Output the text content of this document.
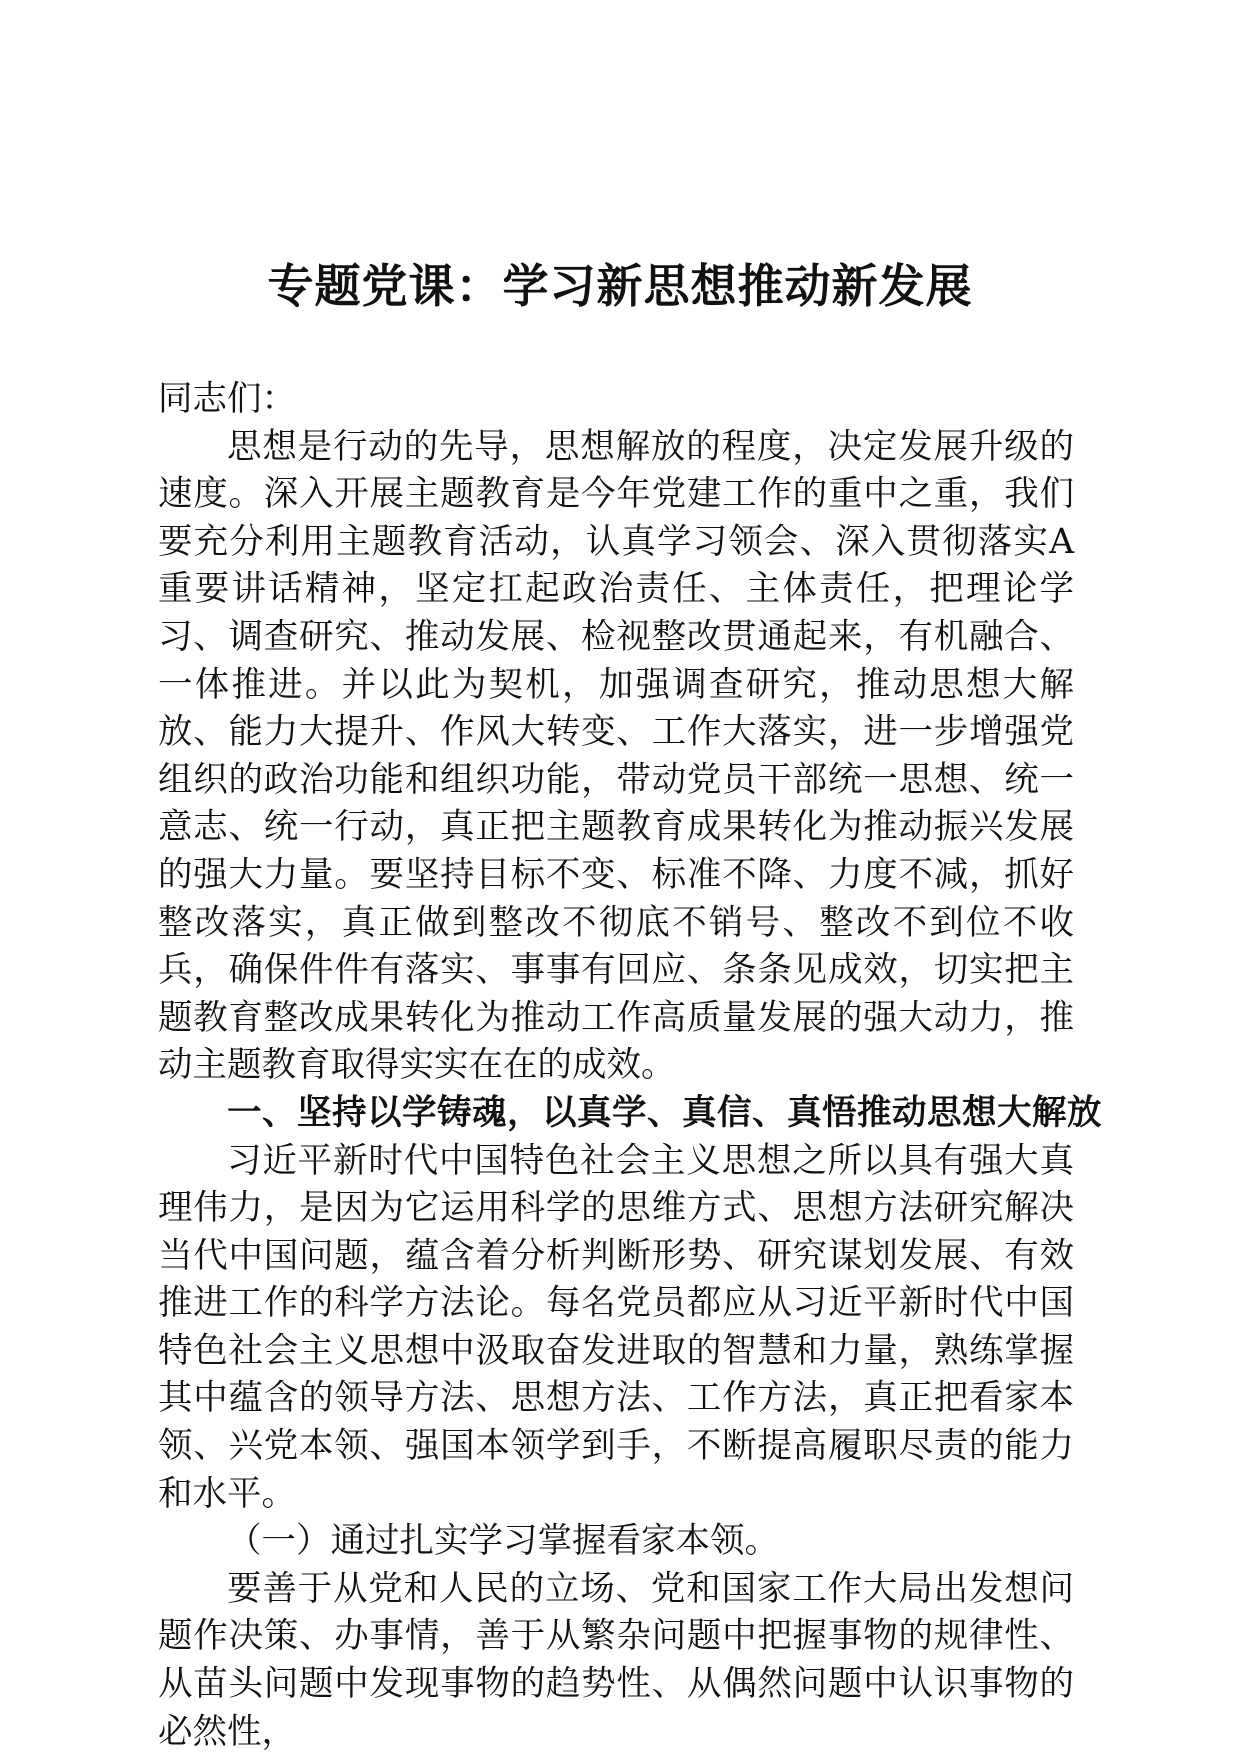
专题党课：学习新思想推动新发展

同志们：

思想是行动的先导，思想解放的程度，决定发展升级的速度。深入开展主题教育是今年党建工作的重中之重，我们要充分利用主题教育活动，认真学习领会、深入贯彻落实A重要讲话精神，坚定扛起政治责任、主体责任，把理论学习、调查研究、推动发展、检视整改贯通起来，有机融合、一体推进。并以此为契机，加强调查研究，推动思想大解放、能力大提升、作风大转变、工作大落实，进一步增强党组织的政治功能和组织功能，带动党员干部统一思想、统一意志、统一行动，真正把主题教育成果转化为推动振兴发展的强大力量。要坚持目标不变、标准不降、力度不减，抓好整改落实，真正做到整改不彻底不销号、整改不到位不收兵，确保件件有落实、事事有回应、条条见成效，切实把主题教育整改成果转化为推动工作高质量发展的强大动力，推动主题教育取得实实在在的成效。

一、坚持以学铸魂，以真学、真信、真悟推动思想大解放

习近平新时代中国特色社会主义思想之所以具有强大真理伟力，是因为它运用科学的思维方式、思想方法研究解决当代中国问题，蕴含着分析判断形势、研究谋划发展、有效推进工作的科学方法论。每名党员都应从习近平新时代中国特色社会主义思想中汲取奋发进取的智慧和力量，熟练掌握其中蕴含的领导方法、思想方法、工作方法，真正把看家本领、兴党本领、强国本领学到手，不断提高履职尽责的能力和水平。

（一）通过扎实学习掌握看家本领。

要善于从党和人民的立场、党和国家工作大局出发想问题作决策、办事情，善于从繁杂问题中把握事物的规律性、从苗头问题中发现事物的趋势性、从偶然问题中认识事物的必然性，
